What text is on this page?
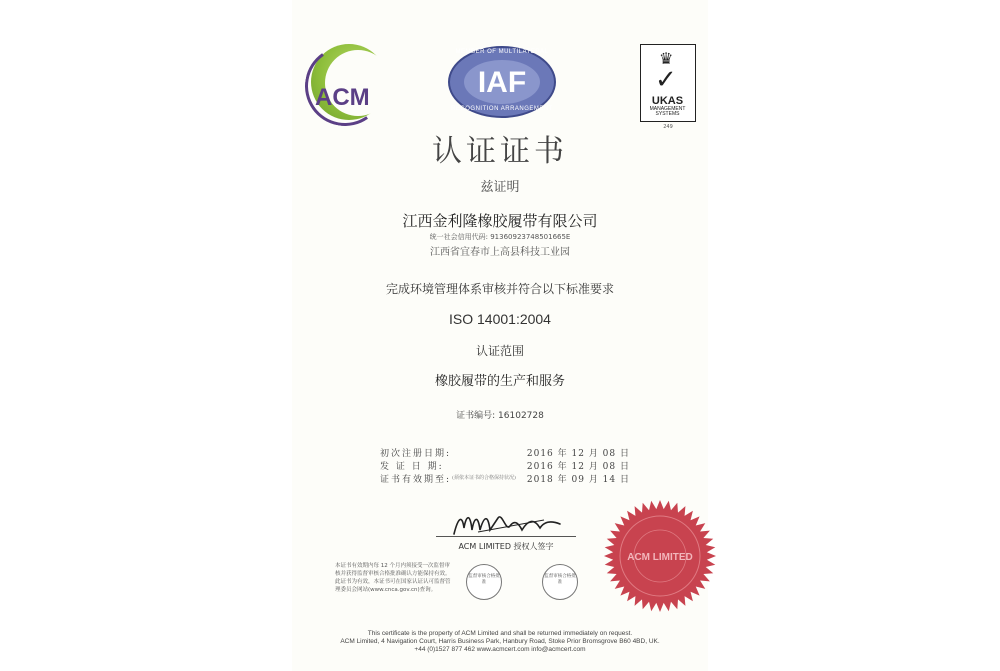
ACM
MEMBER OF MULTILATERAL
IAF
RECOGNITION ARRANGEMENT
♛
✓
UKAS
MANAGEMENT
SYSTEMS
249
认证证书
兹证明
江西金利隆橡胶履带有限公司
统一社会信用代码: 91360923748501665E
江西省宜春市上高县科技工业园
完成环境管理体系审核并符合以下标准要求
ISO 14001:2004
认证范围
橡胶履带的生产和服务
证书编号: 16102728
初次注册日期:	2016 年 12 月 08 日
发 证 日 期:	2016 年 12 月 08 日
证书有效期至: (须依本证书的合格保持状况) 2018 年 09 月 14 日
ACM LIMITED 授权人签字
本证书有效期内每 12 个月内须接受一次监督审核并获得监督审核合格批准确认方能保持有效。此证书为有效，本证书可在国家认证认可监督管理委员会网站(www.cnca.gov.cn)查询。
监督审核合格批准
监督审核合格批准
ACM LIMITED
This certificate is the property of ACM Limited and shall be returned immediately on request.
ACM Limited, 4 Navigation Court, Harris Business Park, Hanbury Road, Stoke Prior Bromsgrove B60 4BD, UK.
+44 (0)1527 877 462 www.acmcert.com info@acmcert.com
